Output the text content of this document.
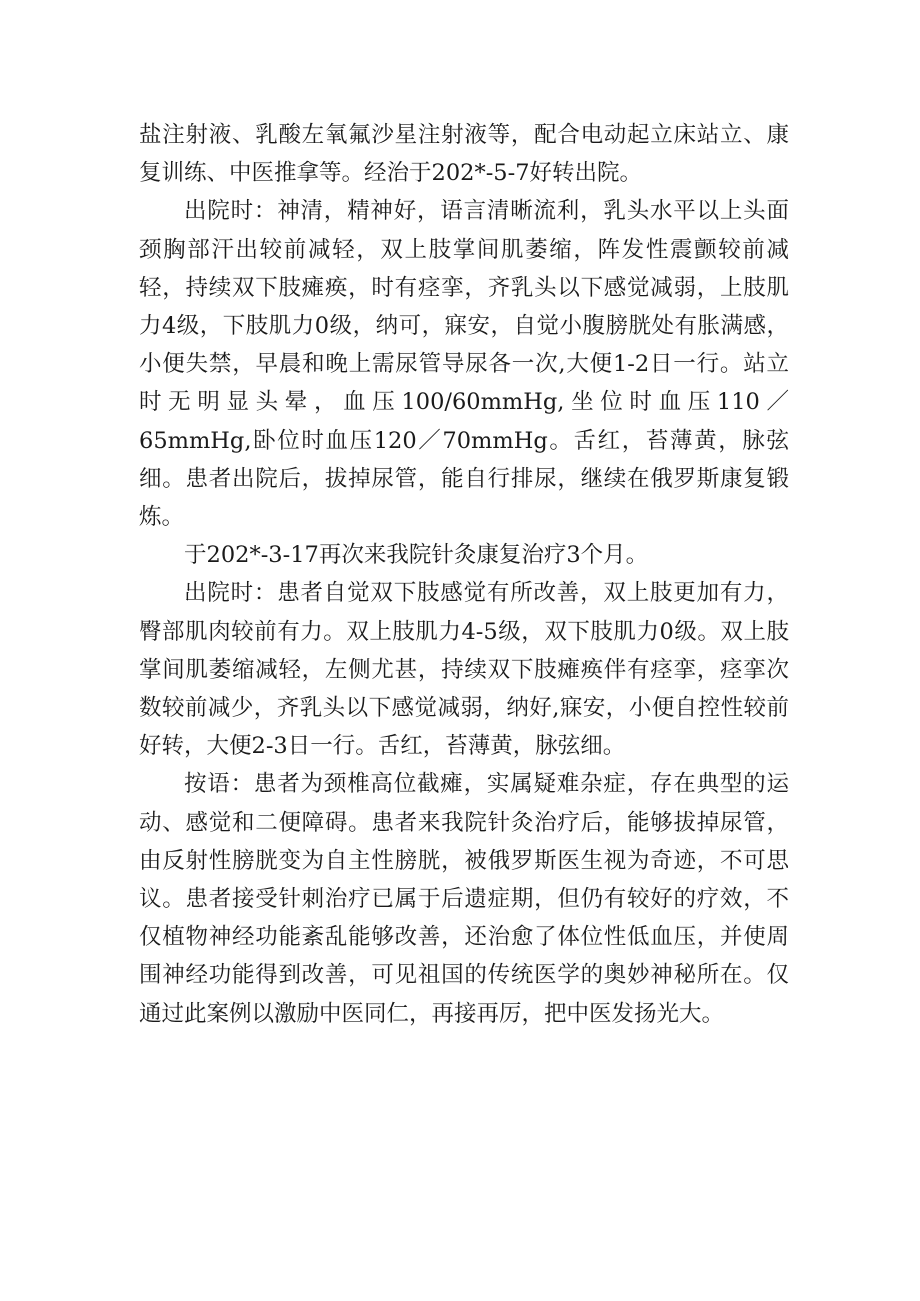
盐注射液、乳酸左氧氟沙星注射液等，配合电动起立床站立、康复训练、中医推拿等。经治于202*-5-7好转出院。

出院时：神清，精神好，语言清晰流利，乳头水平以上头面颈胸部汗出较前减轻，双上肢掌间肌萎缩，阵发性震颤较前减轻，持续双下肢瘫痪，时有痉挛，齐乳头以下感觉减弱，上肢肌力4级，下肢肌力0级，纳可，寐安，自觉小腹膀胱处有胀满感，小便失禁，早晨和晚上需尿管导尿各一次,大便1-2日一行。站立时无明显头晕，血压100/60mmHg,坐位时血压110／65mmHg,卧位时血压120／70mmHg。舌红，苔薄黄，脉弦细。患者出院后，拔掉尿管，能自行排尿，继续在俄罗斯康复锻炼。

于202*-3-17再次来我院针灸康复治疗3个月。

出院时：患者自觉双下肢感觉有所改善，双上肢更加有力，臀部肌肉较前有力。双上肢肌力4-5级，双下肢肌力0级。双上肢掌间肌萎缩减轻，左侧尤甚，持续双下肢瘫痪伴有痉挛，痉挛次数较前减少，齐乳头以下感觉减弱，纳好,寐安，小便自控性较前好转，大便2-3日一行。舌红，苔薄黄，脉弦细。

按语：患者为颈椎高位截瘫，实属疑难杂症，存在典型的运动、感觉和二便障碍。患者来我院针灸治疗后，能够拔掉尿管，由反射性膀胱变为自主性膀胱，被俄罗斯医生视为奇迹，不可思议。患者接受针刺治疗已属于后遗症期，但仍有较好的疗效，不仅植物神经功能紊乱能够改善，还治愈了体位性低血压，并使周围神经功能得到改善，可见祖国的传统医学的奥妙神秘所在。仅通过此案例以激励中医同仁，再接再厉，把中医发扬光大。
